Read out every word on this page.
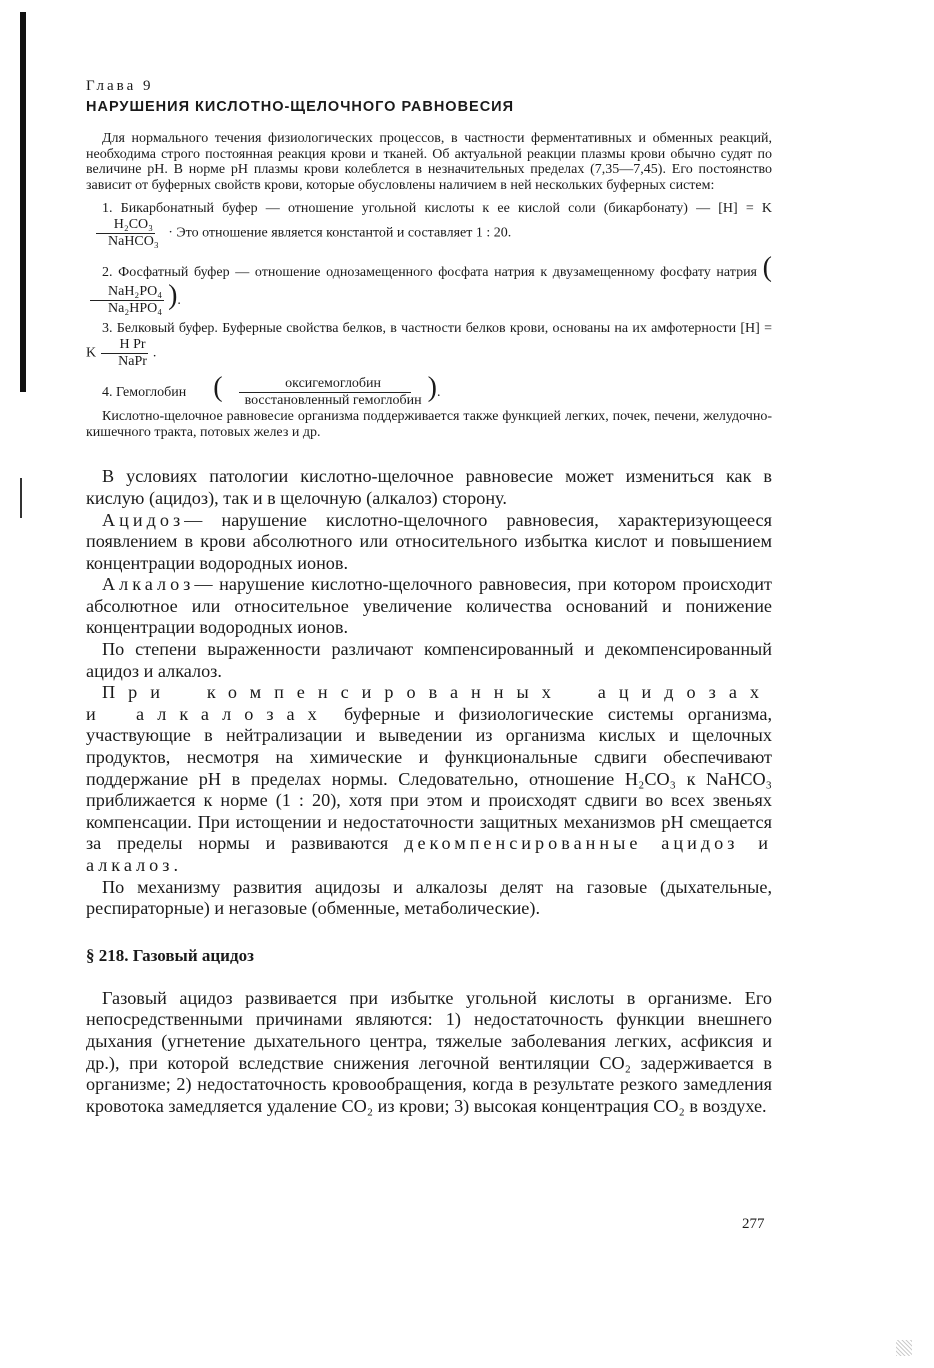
Глава 9
НАРУШЕНИЯ КИСЛОТНО-ЩЕЛОЧНОГО РАВНОВЕСИЯ

Для нормального течения физиологических процессов, в частности ферментативных и обменных реакций, необходима строго постоянная реакция крови и тканей. Об актуальной реакции плазмы крови обычно судят по величине pH. В норме pH плазмы крови колеблется в незначительных пределах (7,35—7,45). Его постоянство зависит от буферных свойств крови, которые обусловлены наличием в ней нескольких буферных систем:

1. Бикарбонатный буфер — отношение угольной кислоты к ее кислой соли (бикарбонату) — [H] = K
$\frac{\text{H₂CO₃}}{\text{NaHCO₃}}$ · Это отношение является константой и составляет 1 : 20.

2. Фосфатный буфер — отношение однозамещенного фосфата натрия к двузамещенному фосфату натрия (
$\frac{\text{NaH₂PO₄}}{\text{Na₂HPO₄}}$ ).

3. Белковый буфер. Буферные свойства белков, в частности белков крови, основаны на их амфотерности [H] = K $\frac{\text{H Pr}}{\text{NaPr}}$ .

4. Гемоглобин ( $\frac{\text{оксигемоглобин}}{\text{восстановленный гемоглобин}}$ ).

Кислотно-щелочное равновесие организма поддерживается также функцией легких, почек, печени, желудочно-кишечного тракта, потовых желез и др.

В условиях патологии кислотно-щелочное равновесие может измениться как в кислую (ацидоз), так и в щелочную (алкалоз) сторону.

Ацидоз— нарушение кислотно-щелочного равновесия, характеризующееся появлением в крови абсолютного или относительного избытка кислот и повышением концентрации водородных ионов.

Алкалоз— нарушение кислотно-щелочного равновесия, при котором происходит абсолютное или относительное увеличение количества оснований и понижение концентрации водородных ионов.

По степени выраженности различают компенсированный и декомпенсированный ацидоз и алкалоз.

При компенсированных ацидозах и алкалозах буферные и физиологические системы организма, участвующие в нейтрализации и выведении из организма кислых и щелочных продуктов, несмотря на химические и функциональные сдвиги обеспечивают поддержание pH в пределах нормы. Следовательно, отношение H₂CO₃ к NaHCO₃ приближается к норме (1 : 20), хотя при этом и происходят сдвиги во всех звеньях компенсации. При истощении и недостаточности защитных механизмов pH смещается за пределы нормы и развиваются декомпенсированные ацидоз и алкалоз.

По механизму развития ацидозы и алкалозы делят на газовые (дыхательные, респираторные) и негазовые (обменные, метаболические).

§ 218. Газовый ацидоз

Газовый ацидоз развивается при избытке угольной кислоты в организме. Его непосредственными причинами являются: 1) недостаточность функции внешнего дыхания (угнетение дыхательного центра, тяжелые заболевания легких, асфиксия и др.), при которой вследствие снижения легочной вентиляции CO₂ задерживается в организме; 2) недостаточность кровообращения, когда в результате резкого замедления кровотока замедляется удаление CO₂ из крови; 3) высокая концентрация CO₂ в воздухе.

277
